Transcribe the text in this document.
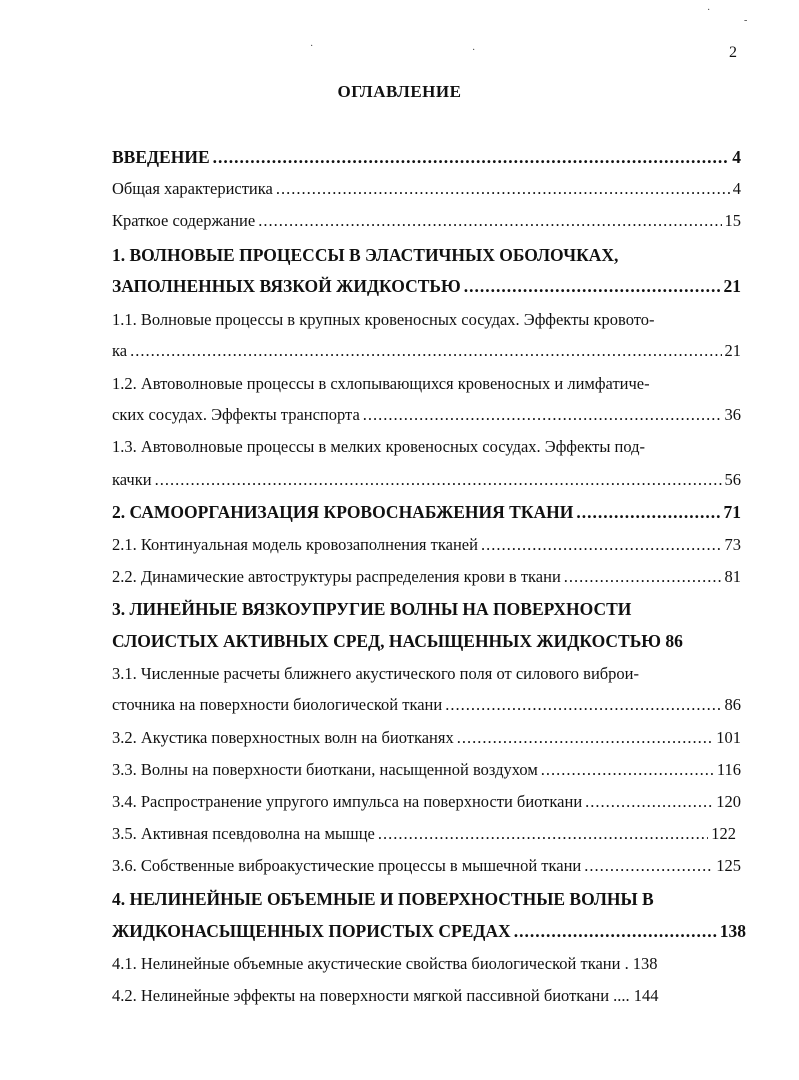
·	·
·
-
2
ОГЛАВЛЕНИЕ
ВВЕДЕНИЕ .....	4
Общая характеристика .....	4
Краткое содержание .....	15
1. ВОЛНОВЫЕ ПРОЦЕССЫ В ЭЛАСТИЧНЫХ ОБОЛОЧКАХ,
ЗАПОЛНЕННЫХ ВЯЗКОЙ ЖИДКОСТЬЮ .....	21
1.1. Волновые процессы в крупных кровеносных сосудах. Эффекты кровото-
ка .....	21
1.2. Автоволновые процессы в схлопывающихся кровеносных и лимфатиче-
ских сосудах. Эффекты транспорта .....	36
1.3. Автоволновые процессы в мелких кровеносных сосудах. Эффекты под-
качки .....	56
2. САМООРГАНИЗАЦИЯ КРОВОСНАБЖЕНИЯ ТКАНИ .....	71
2.1. Континуальная модель кровозаполнения тканей .....	73
2.2. Динамические автоструктуры распределения крови в ткани .....	81
3. ЛИНЕЙНЫЕ ВЯЗКОУПРУГИЕ ВОЛНЫ НА ПОВЕРХНОСТИ
СЛОИСТЫХ АКТИВНЫХ СРЕД, НАСЫЩЕННЫХ ЖИДКОСТЬЮ 86
3.1. Численные расчеты ближнего акустического поля от силового виброи-
сточника на поверхности биологической ткани .....	86
3.2. Акустика поверхностных волн на биотканях .....	101
3.3. Волны на поверхности биоткани, насыщенной воздухом .....	116
3.4. Распространение упругого импульса на поверхности биоткани .....	120
3.5. Активная псевдоволна на мышце .....	122
3.6. Собственные виброакустические процессы в мышечной ткани .....	125
4. НЕЛИНЕЙНЫЕ ОБЪЕМНЫЕ И ПОВЕРХНОСТНЫЕ ВОЛНЫ В
ЖИДКОНАСЫЩЕННЫХ ПОРИСТЫХ СРЕДАХ .....	138
4.1. Нелинейные объемные акустические свойства биологической ткани . 138
4.2. Нелинейные эффекты на поверхности мягкой пассивной биоткани .... 144
